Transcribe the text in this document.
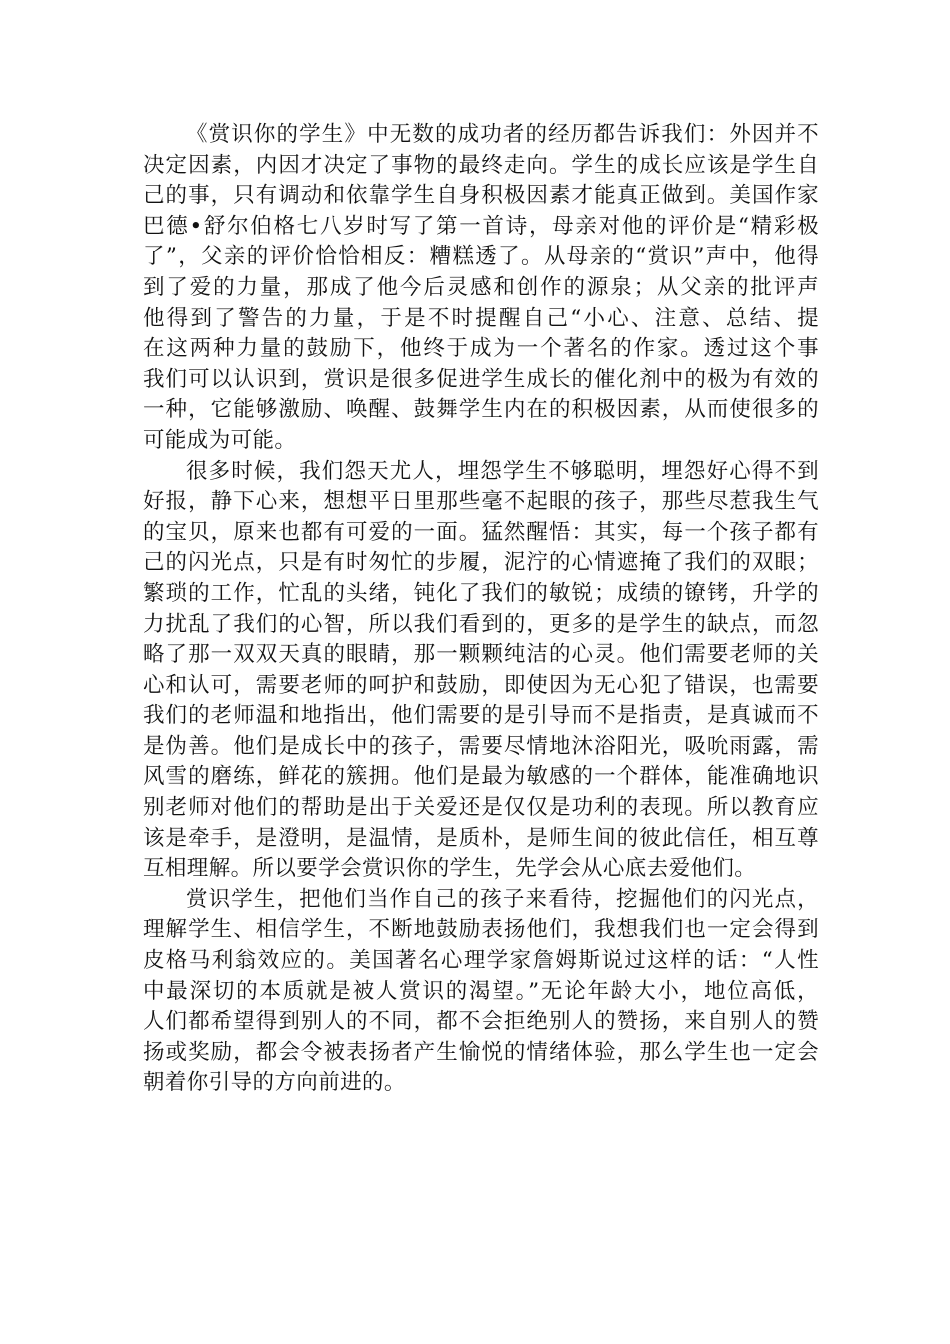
《赏识你的学生》中无数的成功者的经历都告诉我们：外因并不
决定因素，内因才决定了事物的最终走向。学生的成长应该是学生自
己的事，只有调动和依靠学生自身积极因素才能真正做到。美国作家
巴德•舒尔伯格七八岁时写了第一首诗，母亲对他的评价是“精彩极
了”，父亲的评价恰恰相反：糟糕透了。从母亲的“赏识”声中，他得
到了爱的力量，那成了他今后灵感和创作的源泉；从父亲的批评声
他得到了警告的力量，于是不时提醒自己“小心、注意、总结、提
在这两种力量的鼓励下，他终于成为一个著名的作家。透过这个事
我们可以认识到，赏识是很多促进学生成长的催化剂中的极为有效的
一种，它能够激励、唤醒、鼓舞学生内在的积极因素，从而使很多的
可能成为可能。
很多时候，我们怨天尤人，埋怨学生不够聪明，埋怨好心得不到
好报，静下心来，想想平日里那些毫不起眼的孩子，那些尽惹我生气
的宝贝，原来也都有可爱的一面。猛然醒悟：其实，每一个孩子都有
己的闪光点，只是有时匆忙的步履，泥泞的心情遮掩了我们的双眼；
繁琐的工作，忙乱的头绪，钝化了我们的敏锐；成绩的镣铐，升学的
力扰乱了我们的心智，所以我们看到的，更多的是学生的缺点，而忽
略了那一双双天真的眼睛，那一颗颗纯洁的心灵。他们需要老师的关
心和认可，需要老师的呵护和鼓励，即使因为无心犯了错误，也需要
我们的老师温和地指出，他们需要的是引导而不是指责，是真诚而不
是伪善。他们是成长中的孩子，需要尽情地沐浴阳光，吸吮雨露，需
风雪的磨练，鲜花的簇拥。他们是最为敏感的一个群体，能准确地识
别老师对他们的帮助是出于关爱还是仅仅是功利的表现。所以教育应
该是牵手，是澄明，是温情，是质朴，是师生间的彼此信任，相互尊
互相理解。所以要学会赏识你的学生，先学会从心底去爱他们。
赏识学生，把他们当作自己的孩子来看待，挖掘他们的闪光点，
理解学生、相信学生，不断地鼓励表扬他们，我想我们也一定会得到
皮格马利翁效应的。美国著名心理学家詹姆斯说过这样的话：“人性
中最深切的本质就是被人赏识的渴望。”无论年龄大小，地位高低，
人们都希望得到别人的不同，都不会拒绝别人的赞扬，来自别人的赞
扬或奖励，都会令被表扬者产生愉悦的情绪体验，那么学生也一定会
朝着你引导的方向前进的。
